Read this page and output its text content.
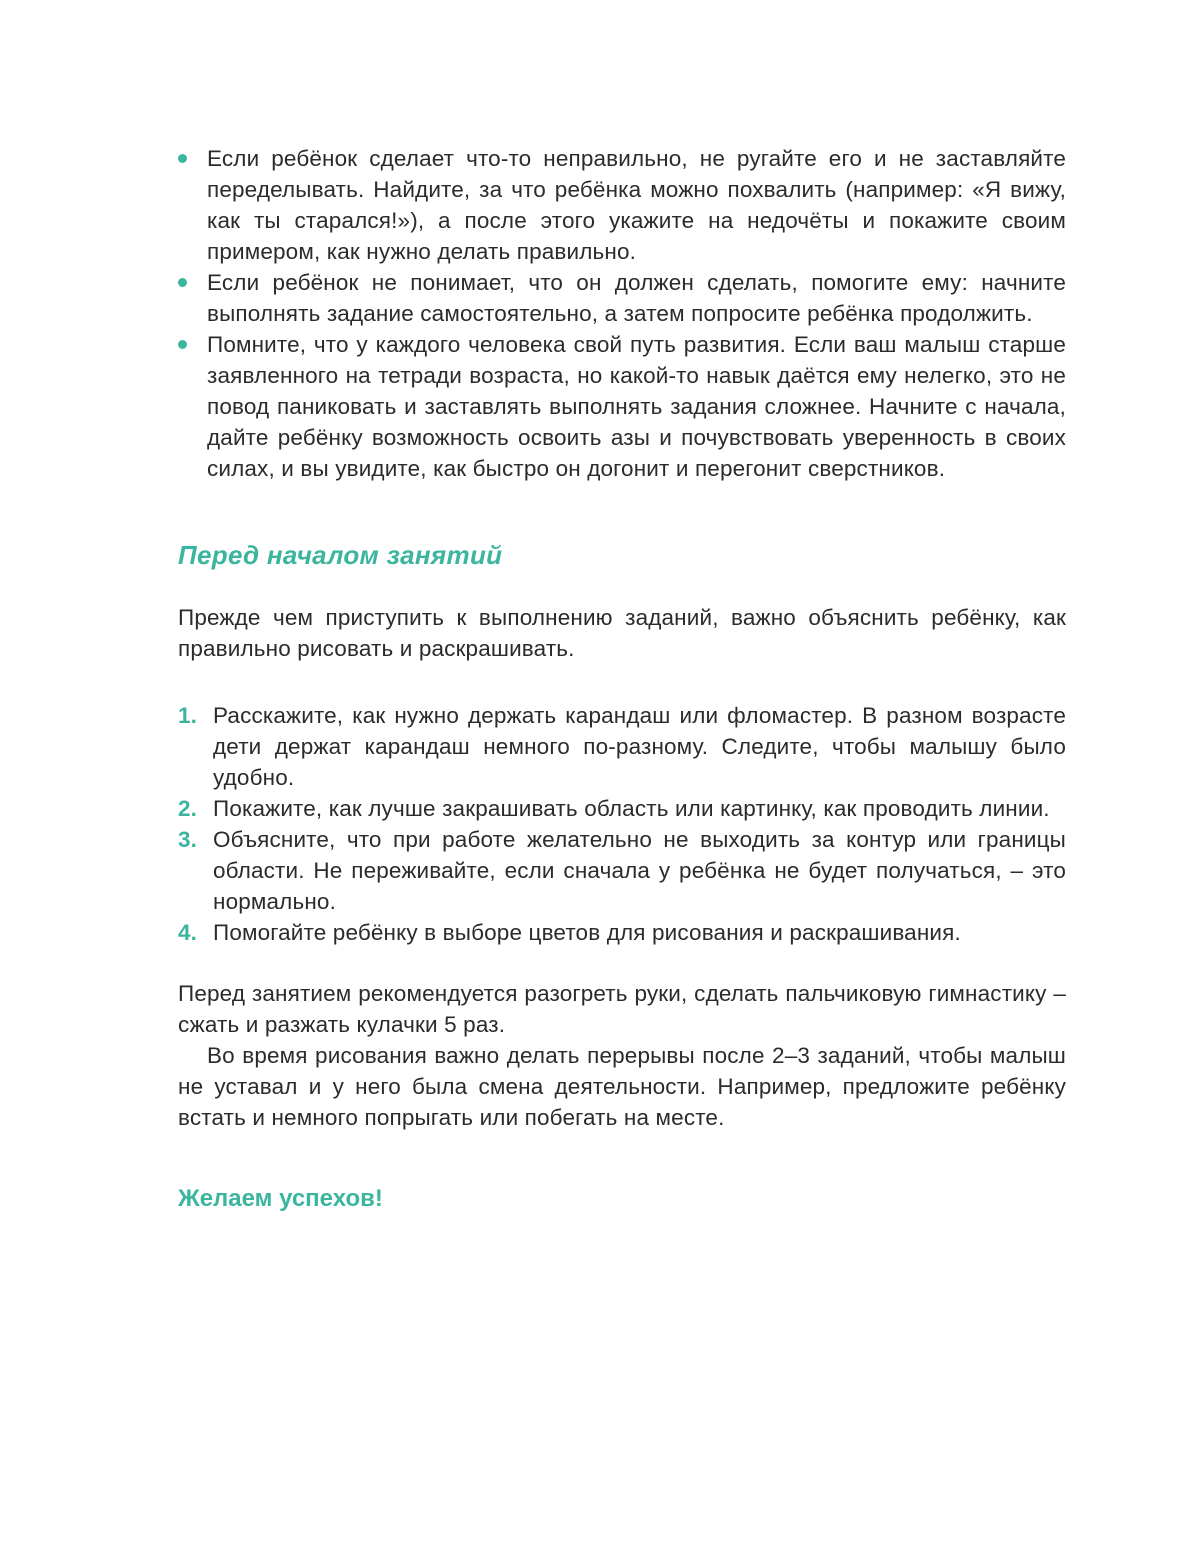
Если ребёнок сделает что-то неправильно, не ругайте его и не заставляйте переделывать. Найдите, за что ребёнка можно похвалить (например: «Я вижу, как ты старался!»), а после этого укажите на недочёты и покажите своим примером, как нужно делать правильно.
Если ребёнок не понимает, что он должен сделать, помогите ему: начните выполнять задание самостоятельно, а затем попросите ребёнка продолжить.
Помните, что у каждого человека свой путь развития. Если ваш малыш старше заявленного на тетради возраста, но какой-то навык даётся ему нелегко, это не повод паниковать и заставлять выполнять задания сложнее. Начните с начала, дайте ребёнку возможность освоить азы и почувствовать уверенность в своих силах, и вы увидите, как быстро он догонит и перегонит сверстников.
Перед началом занятий

Прежде чем приступить к выполнению заданий, важно объяснить ребёнку, как правильно рисовать и раскрашивать.

1. Расскажите, как нужно держать карандаш или фломастер. В разном возрасте дети держат карандаш немного по-разному. Следите, чтобы малышу было удобно.
2. Покажите, как лучше закрашивать область или картинку, как проводить линии.
3. Объясните, что при работе желательно не выходить за контур или границы области. Не переживайте, если сначала у ребёнка не будет получаться, – это нормально.
4. Помогайте ребёнку в выборе цветов для рисования и раскрашивания.

Перед занятием рекомендуется разогреть руки, сделать пальчиковую гимнастику – сжать и разжать кулачки 5 раз.

Во время рисования важно делать перерывы после 2–3 заданий, чтобы малыш не уставал и у него была смена деятельности. Например, предложите ребёнку встать и немного попрыгать или побегать на месте.

Желаем успехов!
